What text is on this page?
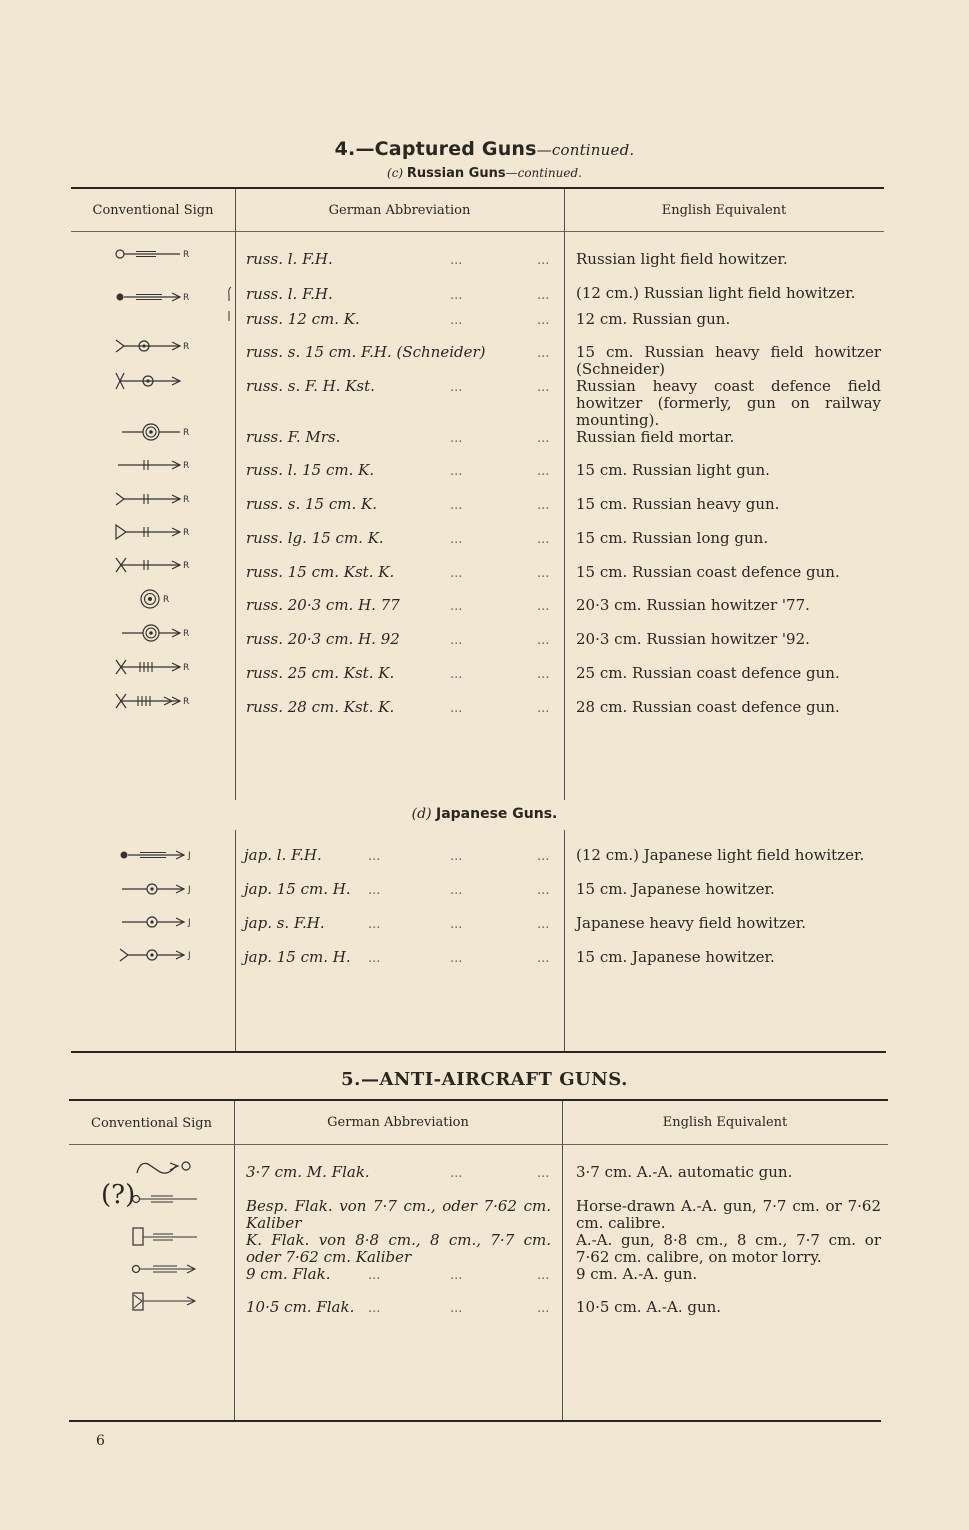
4.—Captured Guns—continued.
(c) Russian Guns—continued.
Conventional Sign	German Abbreviation	English Equivalent
russ. l. F.H.	...	... Russian light field howitzer.
russ. l. F.H.	...	... (12 cm.) Russian light field howitzer.
russ. 12 cm. K.	...	... 12 cm. Russian gun.
russ. s. 15 cm. F.H. (Schneider)	... 15 cm. Russian heavy field howitzer (Schneider)
russ. s. F. H. Kst.	...	... Russian heavy coast defence field howitzer (formerly, gun on railway mounting).
russ. F. Mrs.	...	... Russian field mortar.
russ. l. 15 cm. K.	...	... 15 cm. Russian light gun.
russ. s. 15 cm. K.	...	... 15 cm. Russian heavy gun.
russ. lg. 15 cm. K.	...	... 15 cm. Russian long gun.
russ. 15 cm. Kst. K.	...	... 15 cm. Russian coast defence gun.
russ. 20·3 cm. H. 77	...	... 20·3 cm. Russian howitzer '77.
russ. 20·3 cm. H. 92	...	... 20·3 cm. Russian howitzer '92.
russ. 25 cm. Kst. K.	...	... 25 cm. Russian coast defence gun.
russ. 28 cm. Kst. K.	...	... 28 cm. Russian coast defence gun.
R
R
R
R
R
R
R
R
R
R
R
R
(d) Japanese Guns.
jap. l. F.H.	...	...	... (12 cm.) Japanese light field howitzer.
jap. 15 cm. H. ...	...	... 15 cm. Japanese howitzer.
jap. s. F.H.	...	...	... Japanese heavy field howitzer.
jap. 15 cm. H. ...	...	... 15 cm. Japanese howitzer.
J
J
J
J
5.—ANTI-AIRCRAFT GUNS.
Conventional Sign	German Abbreviation	English Equivalent
3·7 cm. M. Flak.	...	... 3·7 cm. A.-A. automatic gun.
Besp. Flak. von 7·7 cm., oder 7·62 cm. Kaliber
Horse-drawn A.-A. gun, 7·7 cm. or 7·62 cm. calibre.
K. Flak. von 8·8 cm., 8 cm., 7·7 cm. oder 7·62 cm. Kaliber
A.-A. gun, 8·8 cm., 8 cm., 7·7 cm. or 7·62 cm. calibre, on motor lorry.
9 cm. Flak.	...	...	... 9 cm. A.-A. gun.
10·5 cm. Flak. ...	...	... 10·5 cm. A.-A. gun.
(?)
6
